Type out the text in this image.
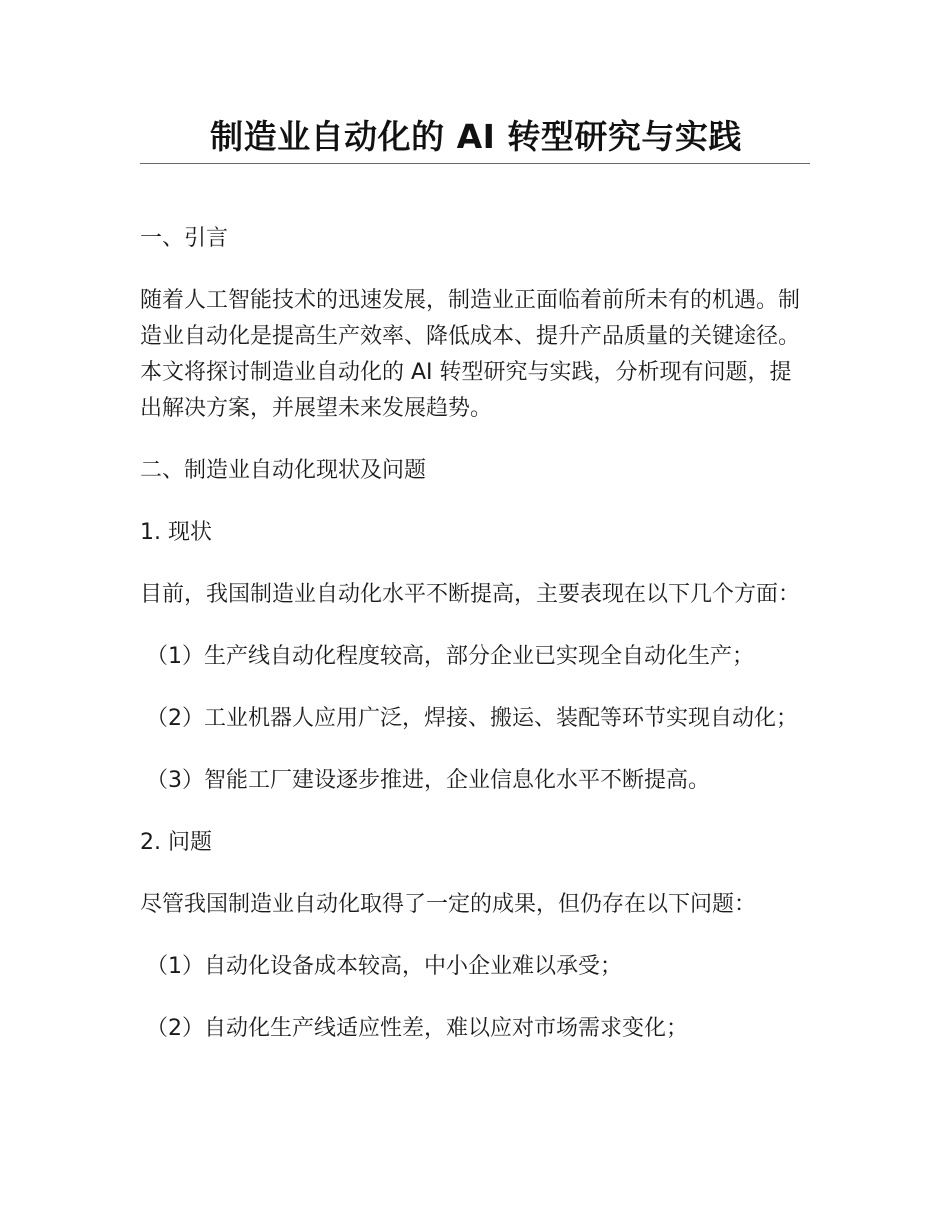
制造业自动化的 AI 转型研究与实践

一、引言

随着人工智能技术的迅速发展，制造业正面临着前所未有的机遇。制造业自动化是提高生产效率、降低成本、提升产品质量的关键途径。本文将探讨制造业自动化的 AI 转型研究与实践，分析现有问题，提出解决方案，并展望未来发展趋势。

二、制造业自动化现状及问题

1. 现状

目前，我国制造业自动化水平不断提高，主要表现在以下几个方面：

（1）生产线自动化程度较高，部分企业已实现全自动化生产；

（2）工业机器人应用广泛，焊接、搬运、装配等环节实现自动化；

（3）智能工厂建设逐步推进，企业信息化水平不断提高。

2. 问题

尽管我国制造业自动化取得了一定的成果，但仍存在以下问题：

（1）自动化设备成本较高，中小企业难以承受；

（2）自动化生产线适应性差，难以应对市场需求变化；
